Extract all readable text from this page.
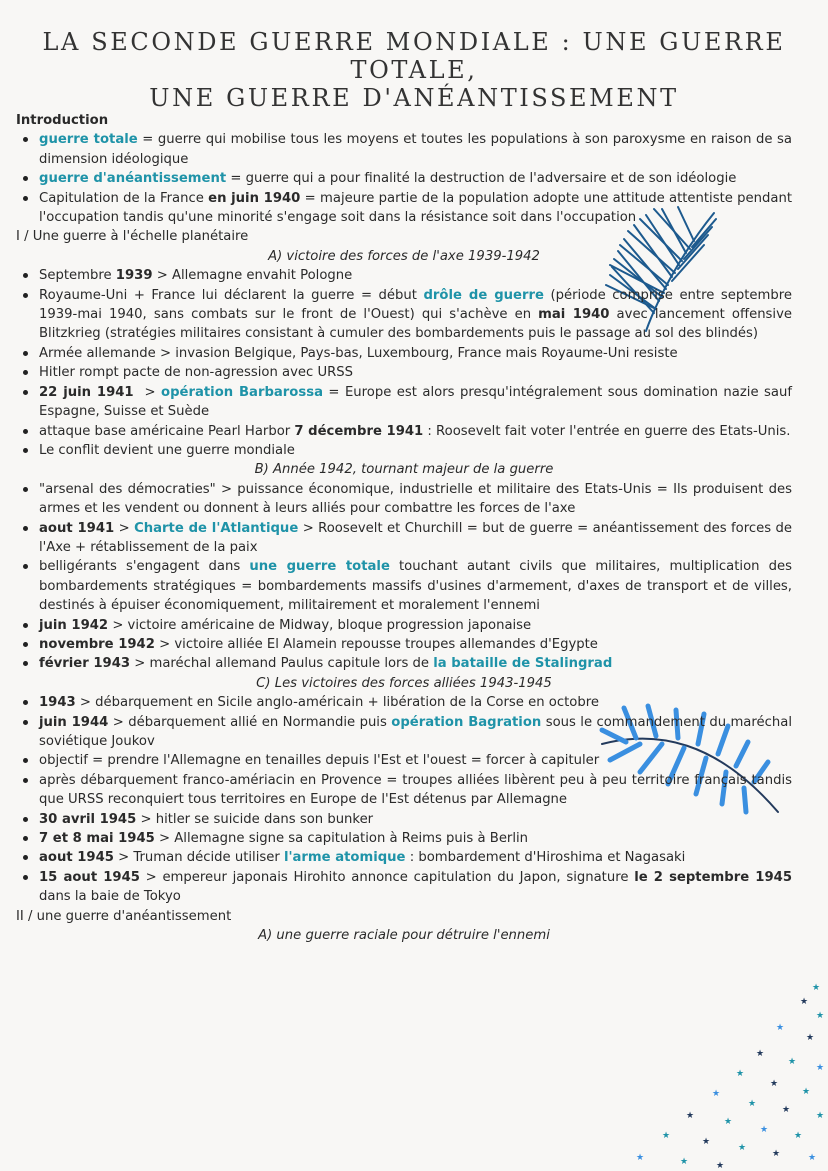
LA SECONDE GUERRE MONDIALE : UNE GUERRE TOTALE,
UNE GUERRE D'ANÉANTISSEMENT
★
★
★
★
★
★
★
★
★
★
★
★
★
★
★
★
★
★
★
★
★
★
★	★
★	★	★

Introduction

guerre totale = guerre qui mobilise tous les moyens et toutes les populations à son paroxysme en raison de sa dimension idéologique
guerre d'anéantissement = guerre qui a pour finalité la destruction de l'adversaire et de son idéologie
Capitulation de la France en juin 1940 = majeure partie de la population adopte une attitude attentiste pendant l'occupation tandis qu'une minorité s'engage soit dans la résistance soit dans l'occupation

I / Une guerre à l'échelle planétaire

A) victoire des forces de l'axe 1939-1942

Septembre 1939 > Allemagne envahit Pologne
Royaume-Uni + France lui déclarent la guerre = début drôle de guerre (période comprise entre septembre 1939-mai 1940, sans combats sur le front de l'Ouest) qui s'achève en mai 1940 avec lancement offensive Blitzkrieg (stratégies militaires consistant à cumuler des bombardements puis le passage au sol des blindés)
Armée allemande > invasion Belgique, Pays-bas, Luxembourg, France mais Royaume-Uni resiste
Hitler rompt pacte de non-agression avec URSS
22 juin 1941  > opération Barbarossa = Europe est alors presqu'intégralement sous domination nazie sauf Espagne, Suisse et Suède
attaque base américaine Pearl Harbor 7 décembre 1941 : Roosevelt fait voter l'entrée en guerre des Etats-Unis.
Le conflit devient une guerre mondiale

B) Année 1942, tournant majeur de la guerre

"arsenal des démocraties" > puissance économique, industrielle et militaire des Etats-Unis = Ils produisent des armes et les vendent ou donnent à leurs alliés pour combattre les forces de l'axe
aout 1941 > Charte de l'Atlantique > Roosevelt et Churchill = but de guerre = anéantissement des forces de l'Axe + rétablissement de la paix
belligérants s'engagent dans une guerre totale touchant autant civils que militaires, multiplication des bombardements stratégiques = bombardements massifs d'usines d'armement, d'axes de transport et de villes, destinés à épuiser économiquement, militairement et moralement l'ennemi
juin 1942 > victoire américaine de Midway, bloque progression japonaise
novembre 1942 > victoire alliée El Alamein repousse troupes allemandes d'Egypte
février 1943 > maréchal allemand Paulus capitule lors de la bataille de Stalingrad

C) Les victoires des forces alliées 1943-1945

1943 > débarquement en Sicile anglo-américain + libération de la Corse en octobre
juin 1944 > débarquement allié en Normandie puis opération Bagration sous le commandement du maréchal soviétique Joukov
objectif = prendre l'Allemagne en tenailles depuis l'Est et l'ouest = forcer à capituler
après débarquement franco-amériacin en Provence = troupes alliées libèrent peu à peu territoire français tandis que URSS reconquiert tous territoires en Europe de l'Est détenus par Allemagne
30 avril 1945 > hitler se suicide dans son bunker
7 et 8 mai 1945 > Allemagne signe sa capitulation à Reims puis à Berlin
aout 1945 > Truman décide utiliser l'arme atomique : bombardement d'Hiroshima et Nagasaki
15 aout 1945 > empereur japonais Hirohito annonce capitulation du Japon, signature le 2 septembre 1945 dans la baie de Tokyo

II / une guerre d'anéantissement

A) une guerre raciale pour détruire l'ennemi
